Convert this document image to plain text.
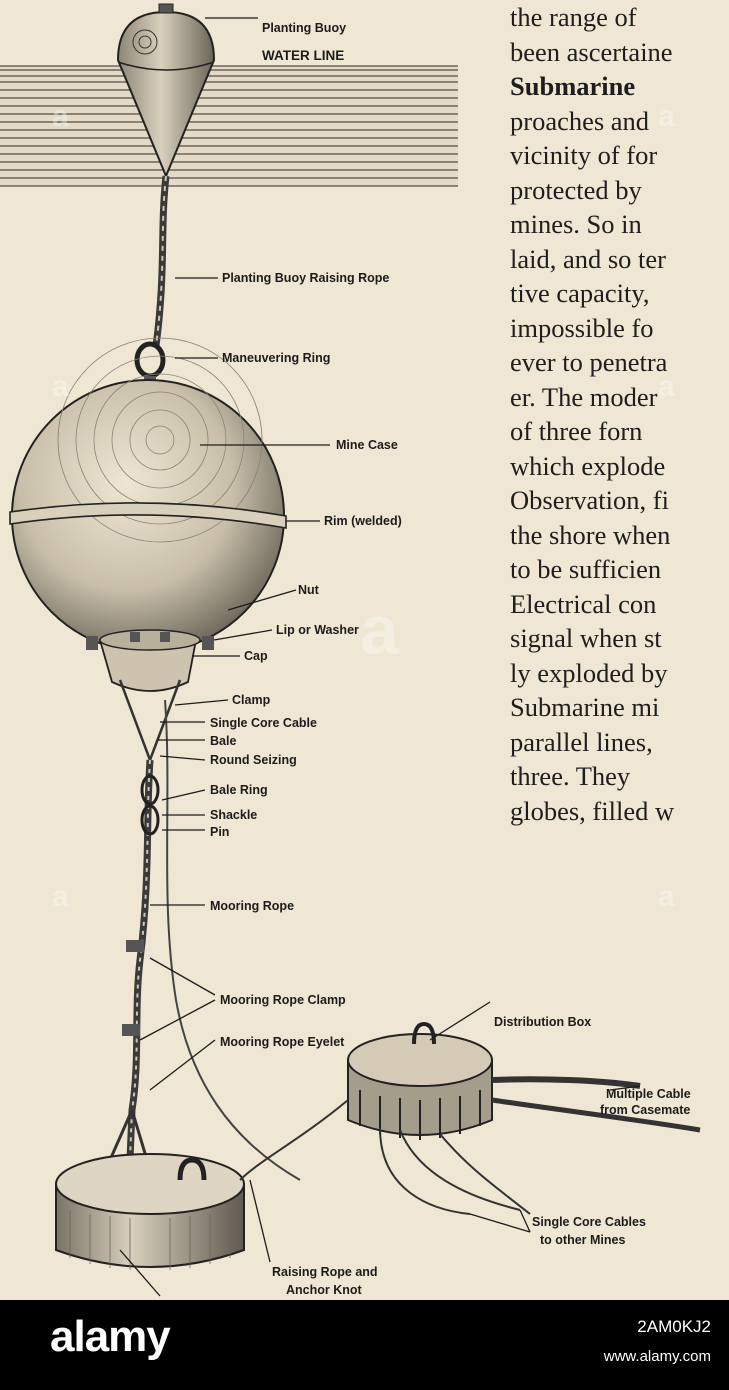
Planting Buoy
WATER LINE
Planting Buoy Raising Rope
Maneuvering Ring
Mine Case
Rim (welded)
Nut
Lip or Washer
Cap
Clamp
Single Core Cable
Bale
Round Seizing
Bale Ring
Shackle
Pin
Mooring Rope
Mooring Rope Clamp
Mooring Rope Eyelet
Distribution Box
Multiple Cable
from Casemate
Single Core Cables
to other Mines
Raising Rope and
Anchor Knot
the range of
been ascertaine
Submarine
proaches and
vicinity of for
protected by
mines. So in
laid, and so ter
tive capacity,
impossible fo
ever to penetra
er. The moder
of three forn
which explode
Observation, fi
the shore when
to be sufficien
Electrical con
signal when st
ly exploded by
Submarine mi
parallel lines,
three. They
globes, filled w
a
a
a
a
a
a
a
alamy	2AM0KJ2
www.alamy.com
